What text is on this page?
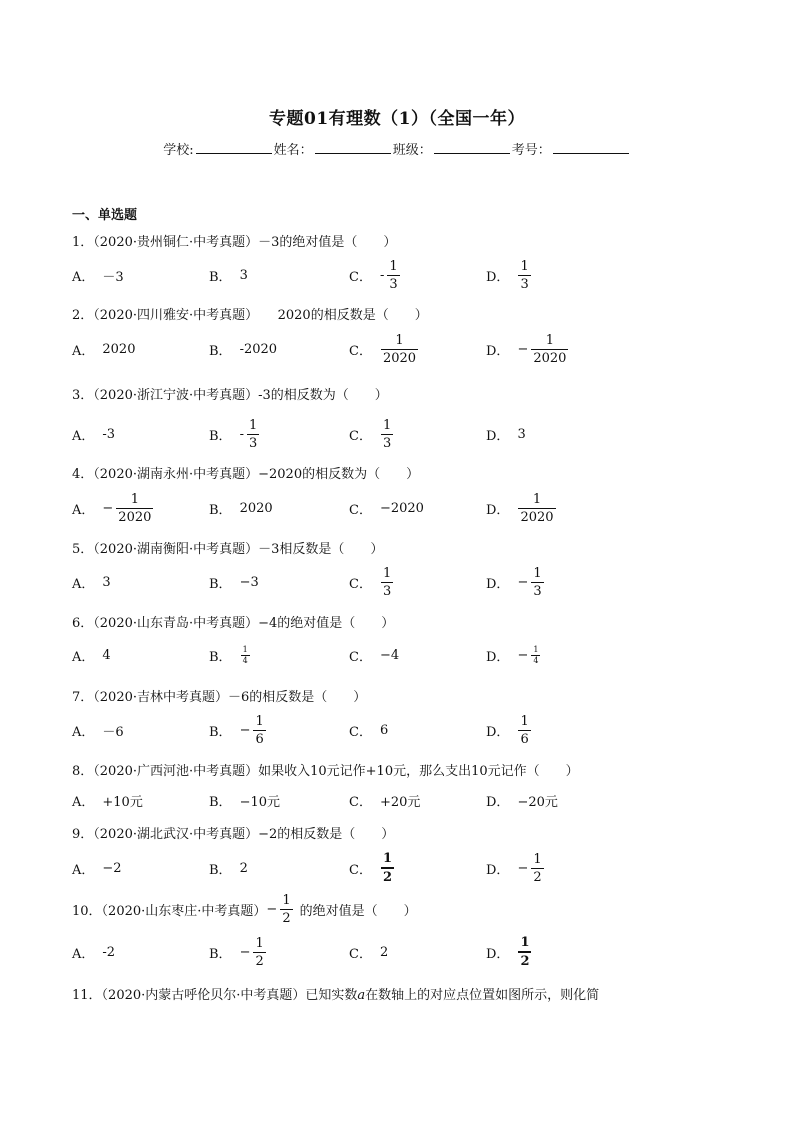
专题01有理数（1）（全国一年）
学校:	姓名：	班级：	考号：
一、单选题
1．（2020·贵州铜仁·中考真题）－3的绝对值是（　　）
A． －3	B． 3	C． - $\frac{1}{3}$	D． $\frac{1}{3}$
2．（2020·四川雅安·中考真题）　　2020的相反数是（　　）
A． 2020	B． -2020	C． $\frac{1}{2020}$	D． − $\frac{1}{2020}$
3．（2020·浙江宁波·中考真题）-3的相反数为（　　）
A． -3	B． - $\frac{1}{3}$	C． $\frac{1}{3}$	D． 3
4．（2020·湖南永州·中考真题）−2020的相反数为（　　）
A． − $\frac{1}{2020}$	B． 2020	C． −2020	D． $\frac{1}{2020}$
5．（2020·湖南衡阳·中考真题）－3相反数是（　　）
A． 3	B． −3	C． $\frac{1}{3}$	D． − $\frac{1}{3}$
6．（2020·山东青岛·中考真题）−4的绝对值是（　　）
A． 4	B． $\frac{1}{4}$	C． −4	D． − $\frac{1}{4}$
7．（2020·吉林中考真题）－6的相反数是（　　）
A． －6	B． − $\frac{1}{6}$	C． 6	D． $\frac{1}{6}$
8．（2020·广西河池·中考真题）如果收入10元记作+10元，那么支出10元记作（　　）
A． +10元	B． −10元	C． +20元	D． −20元
9．（2020·湖北武汉·中考真题）−2的相反数是（　　）
A． −2	B． 2	C． $\frac{1}{2}$	D． − $\frac{1}{2}$
10．（2020·山东枣庄·中考真题） − $\frac{1}{2}$ 的绝对值是（　　）
A． -2	B． − $\frac{1}{2}$	C． 2	D． $\frac{1}{2}$
11．（2020·内蒙古呼伦贝尔·中考真题）已知实数a在数轴上的对应点位置如图所示，则化简
